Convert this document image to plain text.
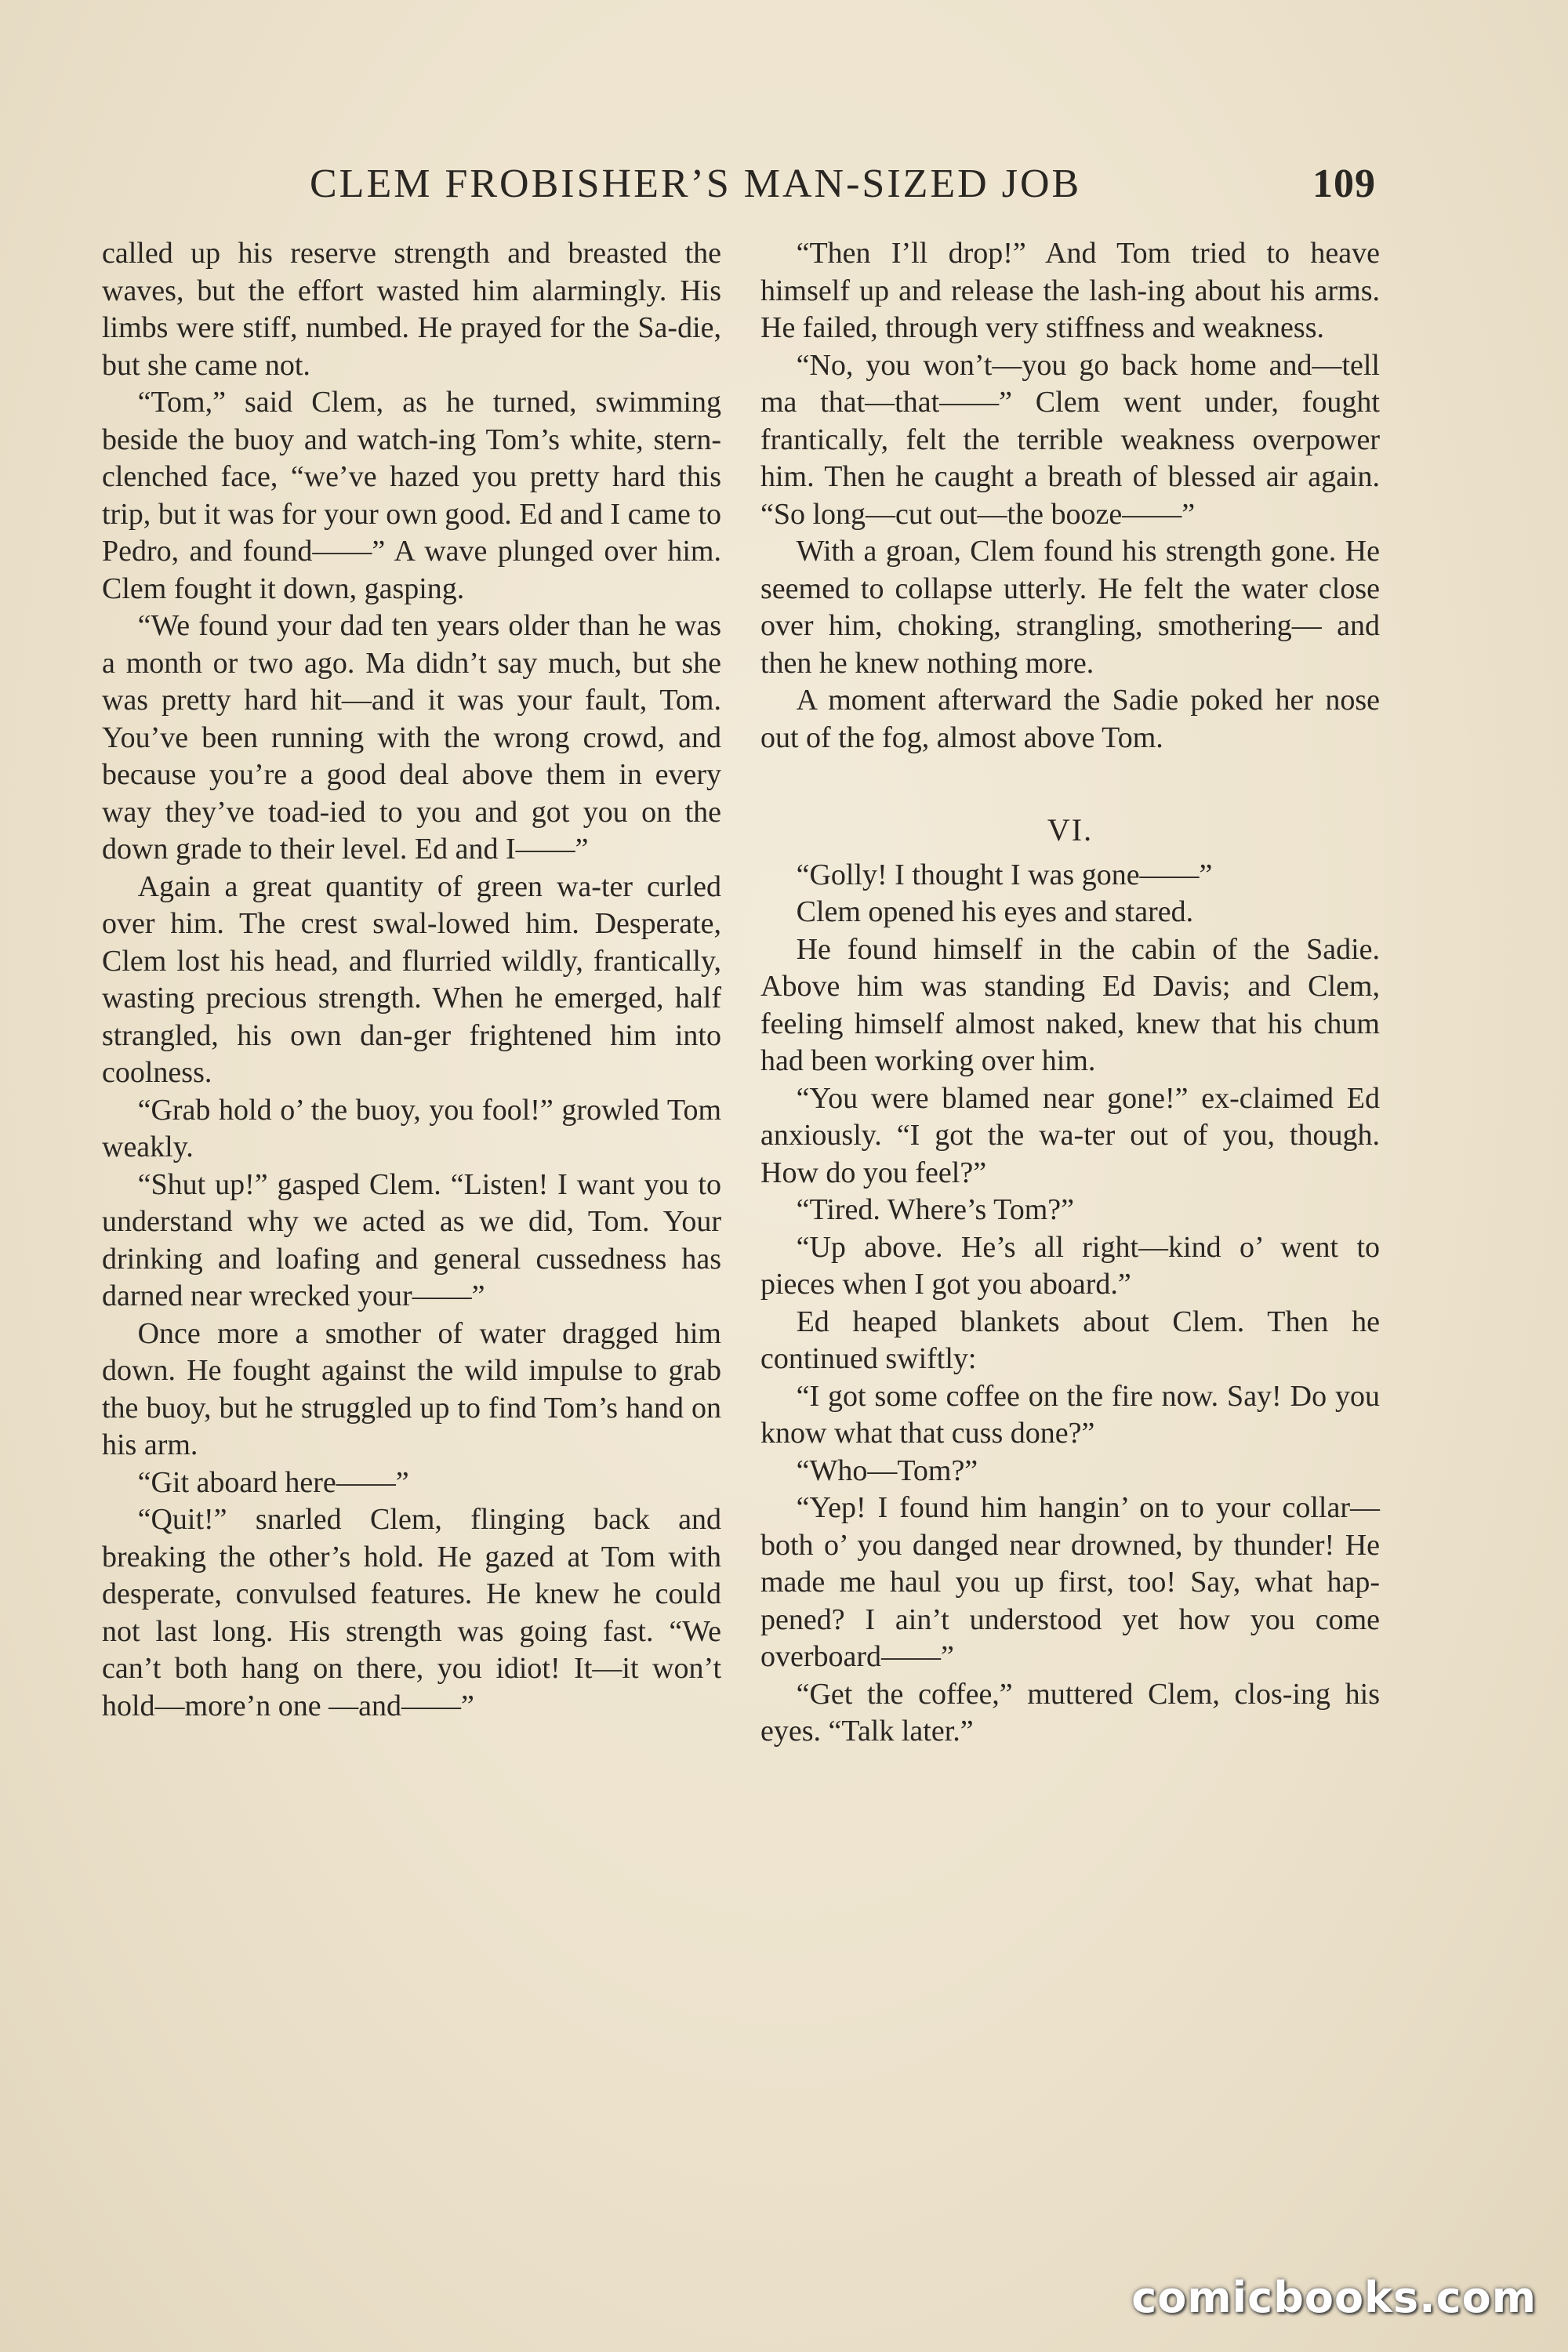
CLEM FROBISHER’S MAN-SIZED JOB	109

called up his reserve strength and breasted the waves, but the effort wasted him alarmingly. His limbs were stiff, numbed. He prayed for the Sa-die, but she came not.

“Tom,” said Clem, as he turned, swimming beside the buoy and watch-ing Tom’s white, stern-clenched face, “we’ve hazed you pretty hard this trip, but it was for your own good. Ed and I came to Pedro, and found——” A wave plunged over him. Clem fought it down, gasping.

“We found your dad ten years older than he was a month or two ago. Ma didn’t say much, but she was pretty hard hit—and it was your fault, Tom. You’ve been running with the wrong crowd, and because you’re a good deal above them in every way they’ve toad-ied to you and got you on the down grade to their level. Ed and I——”

Again a great quantity of green wa-ter curled over him. The crest swal-lowed him. Desperate, Clem lost his head, and flurried wildly, frantically, wasting precious strength. When he emerged, half strangled, his own dan-ger frightened him into coolness.

“Grab hold o’ the buoy, you fool!” growled Tom weakly.

“Shut up!” gasped Clem. “Listen! I want you to understand why we acted as we did, Tom. Your drinking and loafing and general cussedness has darned near wrecked your——”

Once more a smother of water dragged him down. He fought against the wild impulse to grab the buoy, but he struggled up to find Tom’s hand on his arm.

“Git aboard here——”

“Quit!” snarled Clem, flinging back and breaking the other’s hold. He gazed at Tom with desperate, convulsed features. He knew he could not last long. His strength was going fast. “We can’t both hang on there, you idiot! It—it won’t hold—more’n one —and——”

“Then I’ll drop!” And Tom tried to heave himself up and release the lash-ing about his arms. He failed, through very stiffness and weakness.

“No, you won’t—you go back home and—tell ma that—that——” Clem went under, fought frantically, felt the terrible weakness overpower him. Then he caught a breath of blessed air again. “So long—cut out—the booze——”

With a groan, Clem found his strength gone. He seemed to collapse utterly. He felt the water close over him, choking, strangling, smothering— and then he knew nothing more.

A moment afterward the Sadie poked her nose out of the fog, almost above Tom.

VI.

“Golly! I thought I was gone——”

Clem opened his eyes and stared.

He found himself in the cabin of the Sadie. Above him was standing Ed Davis; and Clem, feeling himself almost naked, knew that his chum had been working over him.

“You were blamed near gone!” ex-claimed Ed anxiously. “I got the wa-ter out of you, though. How do you feel?”

“Tired. Where’s Tom?”

“Up above. He’s all right—kind o’ went to pieces when I got you aboard.”

Ed heaped blankets about Clem. Then he continued swiftly:

“I got some coffee on the fire now. Say! Do you know what that cuss done?”

“Who—Tom?”

“Yep! I found him hangin’ on to your collar—both o’ you danged near drowned, by thunder! He made me haul you up first, too! Say, what hap-pened? I ain’t understood yet how you come overboard——”

“Get the coffee,” muttered Clem, clos-ing his eyes. “Talk later.”

comicbooks.com
